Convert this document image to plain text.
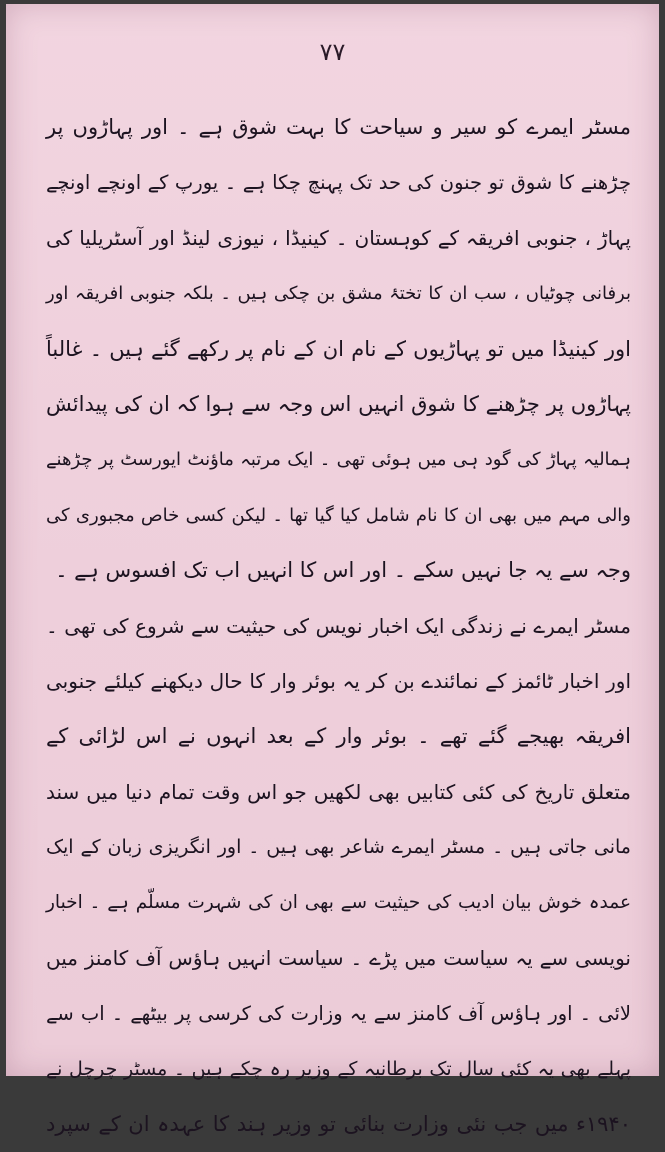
۷۷
مسٹر ایمرے کو سیر و سیاحت کا بہت شوق ہے ۔ اور پہاڑوں پر
چڑھنے کا شوق تو جنون کی حد تک پہنچ چکا ہے ۔ یورپ کے اونچے اونچے
پہاڑ ، جنوبی افریقہ کے کوہستان ۔ کینیڈا ، نیوزی لینڈ اور آسٹریلیا کی
برفانی چوٹیاں ، سب ان کا تختۂ مشق بن چکی ہیں ۔ بلکہ جنوبی افریقہ اور
اور کینیڈا میں تو پہاڑیوں کے نام ان کے نام پر رکھے گئے ہیں ۔ غالباً
پہاڑوں پر چڑھنے کا شوق انہیں اس وجہ سے ہوا کہ ان کی پیدائش
ہمالیہ پہاڑ کی گود ہی میں ہوئی تھی ۔ ایک مرتبہ ماؤنٹ ایورسٹ پر چڑھنے
والی مہم میں بھی ان کا نام شامل کیا گیا تھا ۔ لیکن کسی خاص مجبوری کی
وجہ سے یہ جا نہیں سکے ۔ اور اس کا انہیں اب تک افسوس ہے ۔
مسٹر ایمرے نے زندگی ایک اخبار نویس کی حیثیت سے شروع کی تھی ۔
اور اخبار ٹائمز کے نمائندے بن کر یہ بوئر وار کا حال دیکھنے کیلئے جنوبی
افریقہ بھیجے گئے تھے ۔ بوئر وار کے بعد انہوں نے اس لڑائی کے
متعلق تاریخ کی کئی کتابیں بھی لکھیں جو اس وقت تمام دنیا میں سند
مانی جاتی ہیں ۔ مسٹر ایمرے شاعر بھی ہیں ۔ اور انگریزی زبان کے ایک
عمدہ خوش بیان ادیب کی حیثیت سے بھی ان کی شہرت مسلّم ہے ۔ اخبار
نویسی سے یہ سیاست میں پڑے ۔ سیاست انہیں ہاؤس آف کامنز میں
لائی ۔ اور ہاؤس آف کامنز سے یہ وزارت کی کرسی پر بیٹھے ۔ اب سے
پہلے بھی یہ کئی سال تک برطانیہ کے وزیر رہ چکے ہیں ۔ مسٹر چرچل نے
۱۹۴۰ء میں جب نئی وزارت بنائی تو وزیر ہند کا عہدہ ان کے سپرد
